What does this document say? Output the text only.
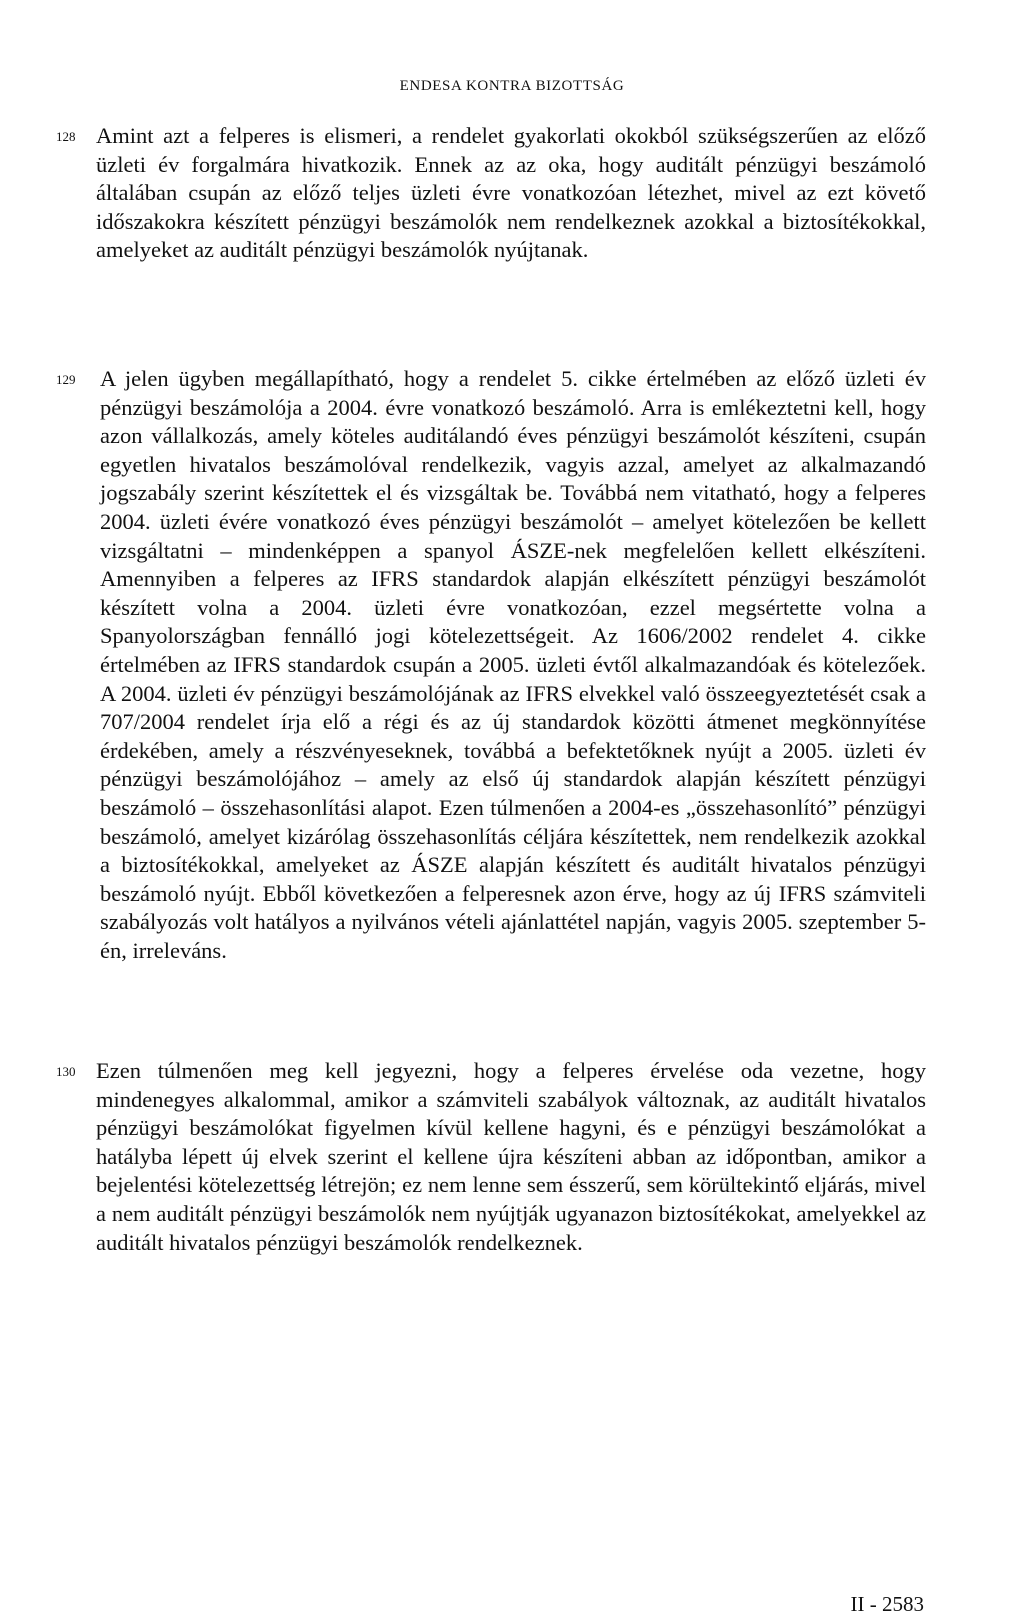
ENDESA KONTRA BIZOTTSÁG
128 Amint azt a felperes is elismeri, a rendelet gyakorlati okokból szükségszerűen az előző üzleti év forgalmára hivatkozik. Ennek az az oka, hogy auditált pénzügyi beszámoló általában csupán az előző teljes üzleti évre vonatkozóan létezhet, mivel az ezt követő időszakokra készített pénzügyi beszámolók nem rendelkeznek azokkal a biztosítékokkal, amelyeket az auditált pénzügyi beszámolók nyújtanak.
129 A jelen ügyben megállapítható, hogy a rendelet 5. cikke értelmében az előző üzleti év pénzügyi beszámolója a 2004. évre vonatkozó beszámoló. Arra is emlékeztetni kell, hogy azon vállalkozás, amely köteles auditálandó éves pénzügyi beszámolót készíteni, csupán egyetlen hivatalos beszámolóval rendelkezik, vagyis azzal, amelyet az alkalmazandó jogszabály szerint készítettek el és vizsgáltak be. Továbbá nem vitatható, hogy a felperes 2004. üzleti évére vonatkozó éves pénzügyi beszámolót – amelyet kötelezően be kellett vizsgáltatni – mindenképpen a spanyol ÁSZE-nek megfelelően kellett elkészíteni. Amennyiben a felperes az IFRS standardok alapján elkészített pénzügyi beszámolót készített volna a 2004. üzleti évre vonatkozóan, ezzel megsértette volna a Spanyolországban fennálló jogi kötelezettségeit. Az 1606/2002 rendelet 4. cikke értelmében az IFRS standardok csupán a 2005. üzleti évtől alkalmazandóak és kötelezőek. A 2004. üzleti év pénzügyi beszámolójának az IFRS elvekkel való összeegyeztetését csak a 707/2004 rendelet írja elő a régi és az új standardok közötti átmenet megkönnyítése érdekében, amely a részvényeseknek, továbbá a befektetőknek nyújt a 2005. üzleti év pénzügyi beszámolójához – amely az első új standardok alapján készített pénzügyi beszámoló – összehasonlítási alapot. Ezen túlmenően a 2004-es „összehasonlító” pénzügyi beszámoló, amelyet kizárólag összehasonlítás céljára készítettek, nem rendelkezik azokkal a biztosítékokkal, amelyeket az ÁSZE alapján készített és auditált hivatalos pénzügyi beszámoló nyújt. Ebből következően a felperesnek azon érve, hogy az új IFRS számviteli szabályozás volt hatályos a nyilvános vételi ajánlattétel napján, vagyis 2005. szeptember 5-én, irreleváns.
130 Ezen túlmenően meg kell jegyezni, hogy a felperes érvelése oda vezetne, hogy mindenegyes alkalommal, amikor a számviteli szabályok változnak, az auditált hivatalos pénzügyi beszámolókat figyelmen kívül kellene hagyni, és e pénzügyi beszámolókat a hatályba lépett új elvek szerint el kellene újra készíteni abban az időpontban, amikor a bejelentési kötelezettség létrejön; ez nem lenne sem ésszerű, sem körültekintő eljárás, mivel a nem auditált pénzügyi beszámolók nem nyújtják ugyanazon biztosítékokat, amelyekkel az auditált hivatalos pénzügyi beszámolók rendelkeznek.
II - 2583
